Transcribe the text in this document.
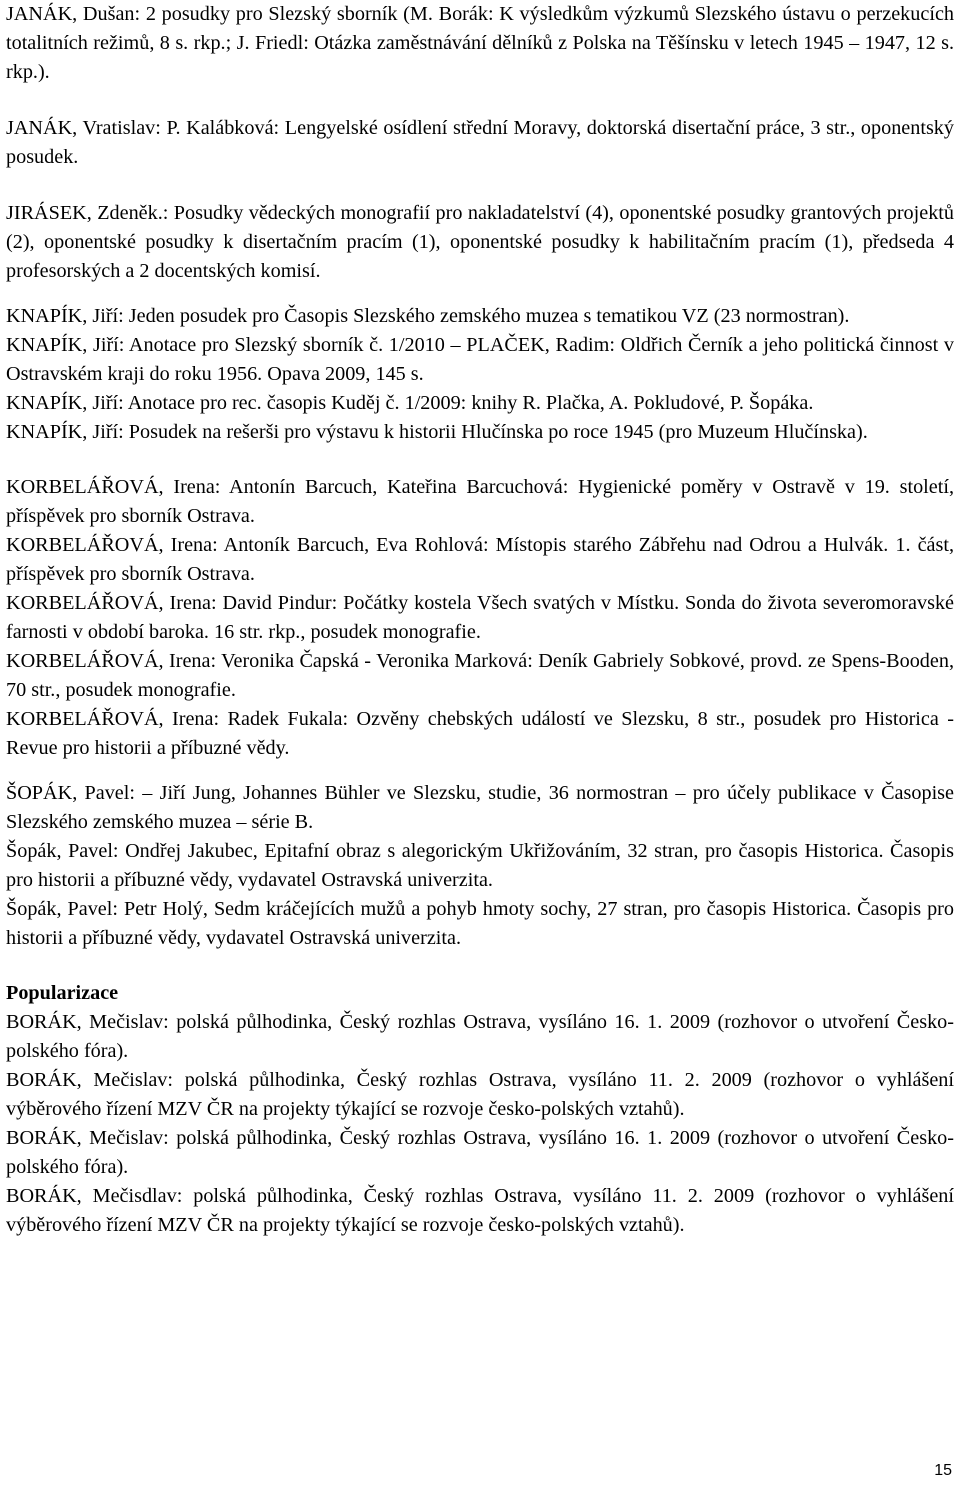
JANÁK, Dušan: 2 posudky pro Slezský sborník (M. Borák: K výsledkům výzkumů Slezského ústavu o perzekucích totalitních režimů, 8 s. rkp.; J. Friedl: Otázka zaměstnávání dělníků z Polska na Těšínsku v letech 1945 – 1947, 12 s. rkp.).

JANÁK, Vratislav: P. Kalábková: Lengyelské osídlení střední Moravy, doktorská disertační práce, 3 str., oponentský posudek.

JIRÁSEK, Zdeněk.: Posudky vědeckých monografií pro nakladatelství (4), oponentské posudky grantových projektů (2), oponentské posudky k disertačním pracím (1), oponentské posudky k habilitačním pracím (1), předseda 4 profesorských a 2 docentských komisí.

KNAPÍK, Jiří: Jeden posudek pro Časopis Slezského zemského muzea s tematikou VZ (23 normostran).

KNAPÍK, Jiří: Anotace pro Slezský sborník č. 1/2010 – PLAČEK, Radim: Oldřich Černík a jeho politická činnost v Ostravském kraji do roku 1956. Opava 2009, 145 s.

KNAPÍK, Jiří: Anotace pro rec. časopis Kuděj č. 1/2009: knihy R. Plačka, A. Pokludové, P. Šopáka.

KNAPÍK, Jiří: Posudek na rešerši pro výstavu k historii Hlučínska po roce 1945 (pro Muzeum Hlučínska).

KORBELÁŘOVÁ, Irena: Antonín Barcuch, Kateřina Barcuchová: Hygienické poměry v Ostravě v 19. století, příspěvek pro sborník Ostrava.

KORBELÁŘOVÁ, Irena: Antoník Barcuch, Eva Rohlová: Místopis starého Zábřehu nad Odrou a Hulvák. 1. část, příspěvek pro sborník Ostrava.

KORBELÁŘOVÁ, Irena: David Pindur: Počátky kostela Všech svatých v Místku. Sonda do života severomoravské farnosti v období baroka. 16 str. rkp., posudek monografie.

KORBELÁŘOVÁ, Irena: Veronika Čapská - Veronika Marková: Deník Gabriely Sobkové, provd. ze Spens-Booden, 70 str., posudek monografie.

KORBELÁŘOVÁ, Irena: Radek Fukala: Ozvěny chebských událostí ve Slezsku, 8 str., posudek pro Historica - Revue pro historii a příbuzné vědy.

ŠOPÁK, Pavel: – Jiří Jung, Johannes Bühler ve Slezsku, studie, 36 normostran – pro účely publikace v Časopise Slezského zemského muzea – série B.

Šopák, Pavel: Ondřej Jakubec, Epitafní obraz s alegorickým Ukřižováním, 32 stran, pro časopis Historica. Časopis pro historii a příbuzné vědy, vydavatel Ostravská univerzita.

Šopák, Pavel: Petr Holý, Sedm kráčejících mužů a pohyb hmoty sochy, 27 stran, pro časopis Historica. Časopis pro historii a příbuzné vědy, vydavatel Ostravská univerzita.

Popularizace

BORÁK, Mečislav: polská půlhodinka, Český rozhlas Ostrava, vysíláno 16. 1. 2009 (rozhovor o utvoření Česko-polského fóra).

BORÁK, Mečislav: polská půlhodinka, Český rozhlas Ostrava, vysíláno 11. 2. 2009 (rozhovor o vyhlášení výběrového řízení MZV ČR na projekty týkající se rozvoje česko-polských vztahů).

BORÁK, Mečislav: polská půlhodinka, Český rozhlas Ostrava, vysíláno 16. 1. 2009 (rozhovor o utvoření Česko-polského fóra).

BORÁK, Mečisdlav: polská půlhodinka, Český rozhlas Ostrava, vysíláno 11. 2. 2009 (rozhovor o vyhlášení výběrového řízení MZV ČR na projekty týkající se rozvoje česko-polských vztahů).

15
